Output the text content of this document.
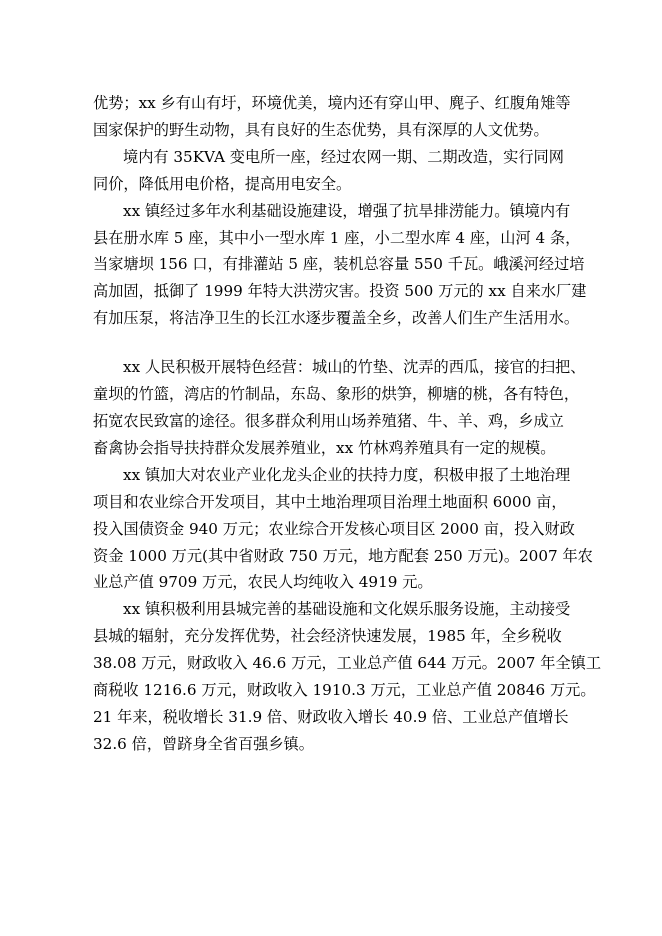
优势；xx 乡有山有圩，环境优美，境内还有穿山甲、麂子、红腹角雉等
国家保护的野生动物，具有良好的生态优势，具有深厚的人文优势。

境内有 35KVA 变电所一座，经过农网一期、二期改造，实行同网
同价，降低用电价格，提高用电安全。

xx 镇经过多年水利基础设施建设，增强了抗旱排涝能力。镇境内有
县在册水库 5 座，其中小一型水库 1 座，小二型水库 4 座，山河 4 条，
当家塘坝 156 口，有排灌站 5 座，装机总容量 550 千瓦。峨溪河经过培
高加固，抵御了 1999 年特大洪涝灾害。投资 500 万元的 xx 自来水厂建
有加压泵，将洁净卫生的长江水逐步覆盖全乡，改善人们生产生活用水。

xx 人民积极开展特色经营：城山的竹垫、沈弄的西瓜，接官的扫把、
童坝的竹篮，湾店的竹制品，东岛、象形的烘笋，柳塘的桃，各有特色，
拓宽农民致富的途径。很多群众利用山场养殖猪、牛、羊、鸡，乡成立
畜禽协会指导扶持群众发展养殖业，xx 竹林鸡养殖具有一定的规模。

xx 镇加大对农业产业化龙头企业的扶持力度，积极申报了土地治理
项目和农业综合开发项目，其中土地治理项目治理土地面积 6000 亩，
投入国债资金 940 万元；农业综合开发核心项目区 2000 亩，投入财政
资金 1000 万元(其中省财政 750 万元，地方配套 250 万元)。2007 年农
业总产值 9709 万元，农民人均纯收入 4919 元。

xx 镇积极利用县城完善的基础设施和文化娱乐服务设施，主动接受
县城的辐射，充分发挥优势，社会经济快速发展，1985 年，全乡税收
38.08 万元，财政收入 46.6 万元，工业总产值 644 万元。2007 年全镇工
商税收 1216.6 万元，财政收入 1910.3 万元，工业总产值 20846 万元。
21 年来，税收增长 31.9 倍、财政收入增长 40.9 倍、工业总产值增长
32.6 倍，曾跻身全省百强乡镇。
